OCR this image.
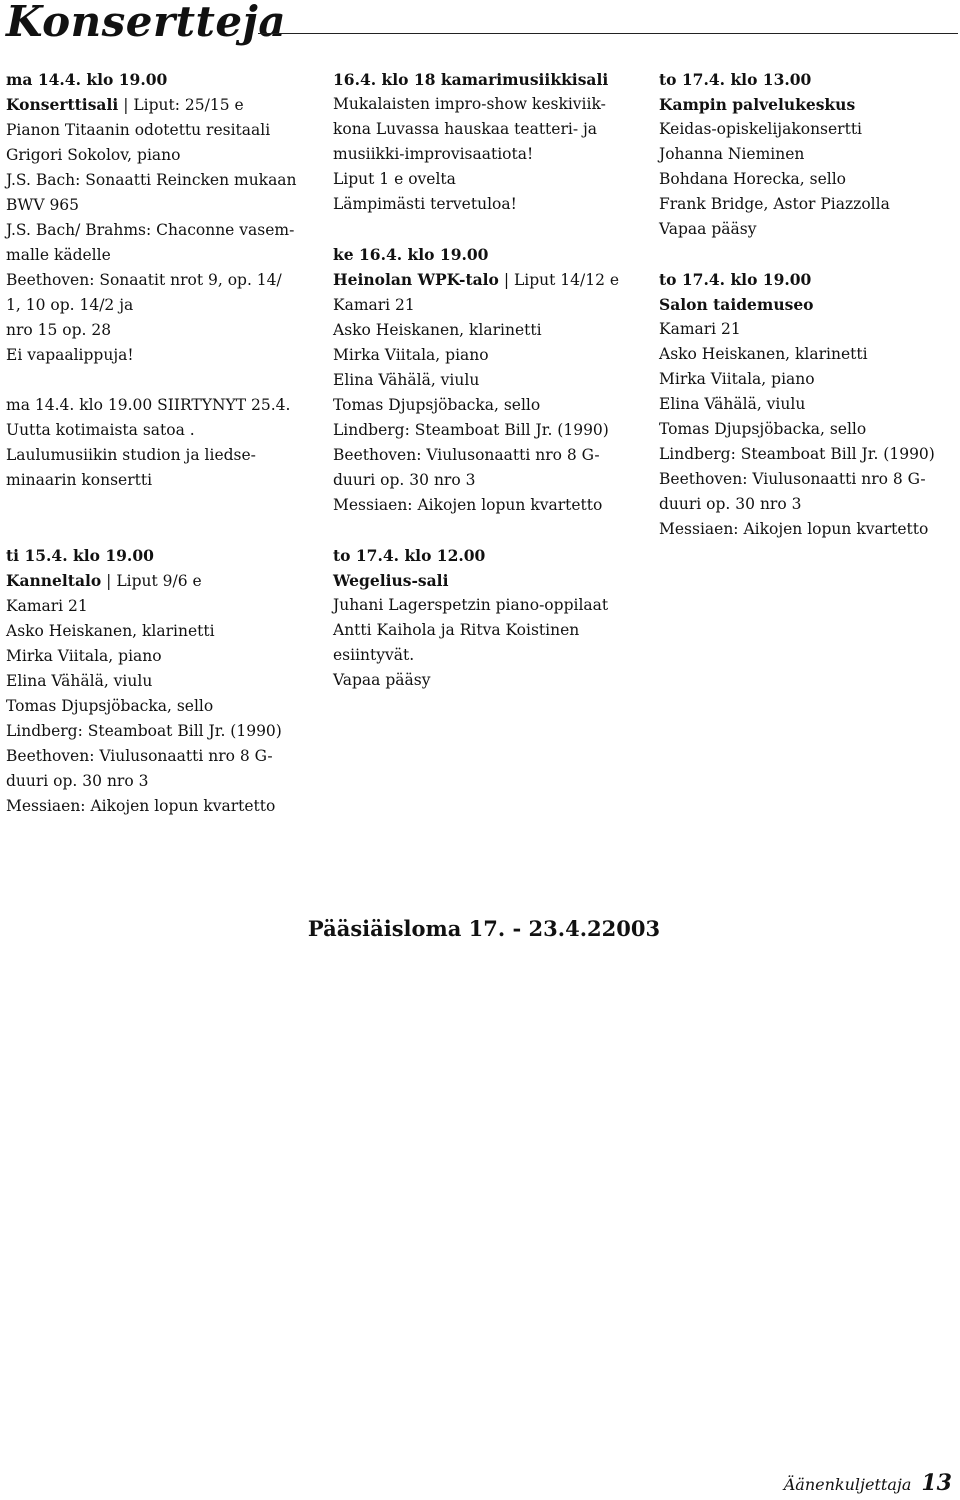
Konsertteja
ma 14.4. klo 19.00
Konserttisali | Liput: 25/15 e
Pianon Titaanin odotettu resitaali
Grigori Sokolov, piano
J.S. Bach: Sonaatti Reincken mukaan
BWV 965
J.S. Bach/ Brahms: Chaconne vasem-
malle kädelle
Beethoven: Sonaatit nrot 9, op. 14/
1, 10 op. 14/2 ja
nro 15 op. 28
Ei vapaalippuja!
ma 14.4. klo 19.00 SIIRTYNYT 25.4.
Uutta kotimaista satoa .
Laulumusiikin studion ja liedse-
minaarin konsertti
ti 15.4. klo 19.00
Kanneltalo | Liput 9/6 e
Kamari 21
Asko Heiskanen, klarinetti
Mirka Viitala, piano
Elina Vähälä, viulu
Tomas Djupsjöbacka, sello
Lindberg: Steamboat Bill Jr. (1990)
Beethoven: Viulusonaatti nro 8 G-
duuri op. 30 nro 3
Messiaen: Aikojen lopun kvartetto
16.4. klo 18 kamarimusiikkisali
Mukalaisten impro-show keskiviik-
kona Luvassa hauskaa teatteri- ja
musiikki-improvisaatiota!
Liput 1 e ovelta
Lämpimästi tervetuloa!
ke 16.4. klo 19.00
Heinolan WPK-talo | Liput 14/12 e
Kamari 21
Asko Heiskanen, klarinetti
Mirka Viitala, piano
Elina Vähälä, viulu
Tomas Djupsjöbacka, sello
Lindberg: Steamboat Bill Jr. (1990)
Beethoven: Viulusonaatti nro 8 G-
duuri op. 30 nro 3
Messiaen: Aikojen lopun kvartetto
to 17.4. klo 12.00
Wegelius-sali
Juhani Lagerspetzin piano-oppilaat
Antti Kaihola ja Ritva Koistinen
esiintyvät.
Vapaa pääsy
to 17.4. klo 13.00
Kampin palvelukeskus
Keidas-opiskelijakonsertti
Johanna Nieminen
Bohdana Horecka, sello
Frank Bridge, Astor Piazzolla
Vapaa pääsy
to 17.4. klo 19.00
Salon taidemuseo
Kamari 21
Asko Heiskanen, klarinetti
Mirka Viitala, piano
Elina Vähälä, viulu
Tomas Djupsjöbacka, sello
Lindberg: Steamboat Bill Jr. (1990)
Beethoven: Viulusonaatti nro 8 G-
duuri op. 30 nro 3
Messiaen: Aikojen lopun kvartetto
Pääsiäisloma 17. - 23.4.22003
Äänenkuljettaja 13
